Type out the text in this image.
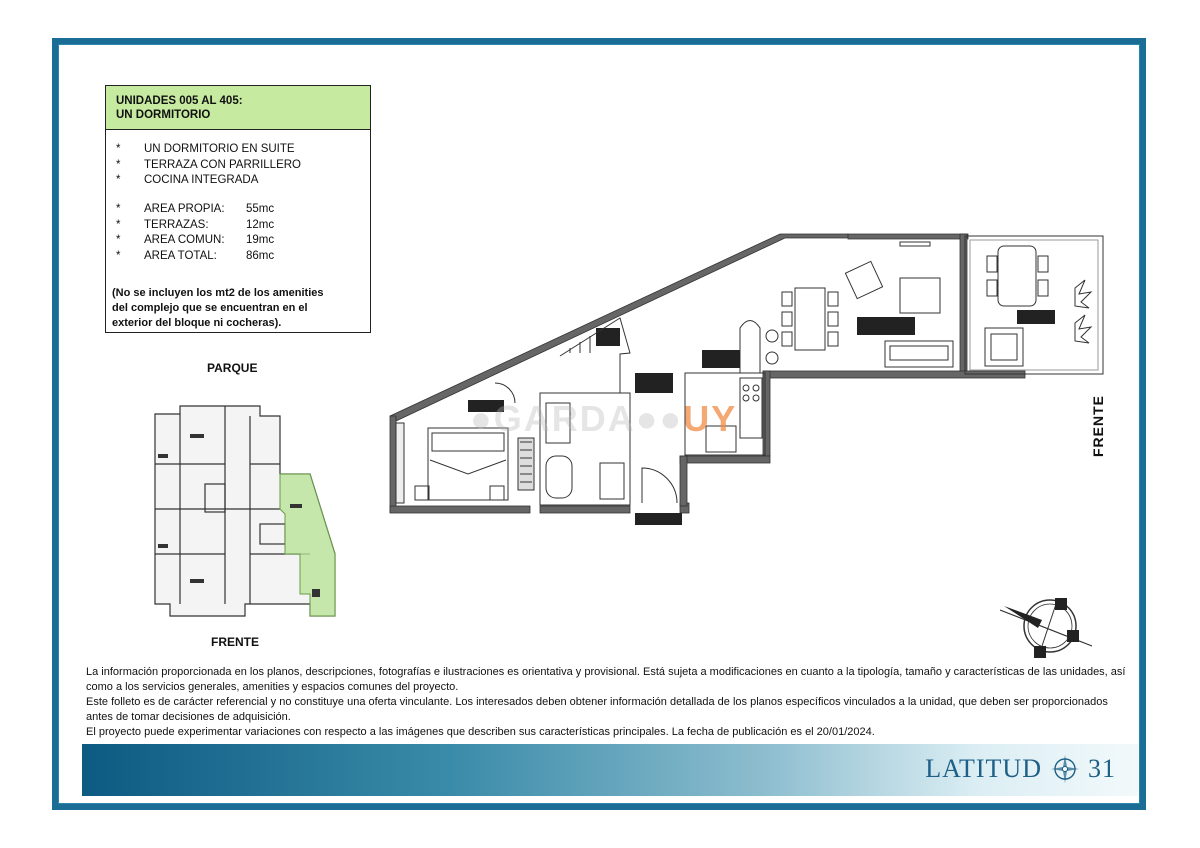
UNIDADES 005 AL 405:
UN DORMITORIO
*	UN DORMITORIO EN SUITE
*	TERRAZA CON PARRILLERO
*	COCINA INTEGRADA
*	AREA PROPIA:	55mc
*	TERRAZAS:	12mc
*	AREA COMUN:	19mc
*	AREA TOTAL:	86mc
(No se incluyen los mt2 de los amenities
del complejo que se encuentran en el
exterior del bloque ni cocheras).
PARQUE
FRENTE
FRENTE
●GARDA●●UY

La información proporcionada en los planos, descripciones, fotografías e ilustraciones es orientativa y provisional. Está sujeta a modificaciones en cuanto a la tipología, tamaño y características de las unidades, así como a los servicios generales, amenities y espacios comunes del proyecto.

Este folleto es de carácter referencial y no constituye una oferta vinculante. Los interesados deben obtener información detallada de los planos específicos vinculados a la unidad, que deben ser proporcionados antes de tomar decisiones de adquisición.

El proyecto puede experimentar variaciones con respecto a las imágenes que describen sus características principales. La fecha de publicación es el 20/01/2024.

LATITUD 31
